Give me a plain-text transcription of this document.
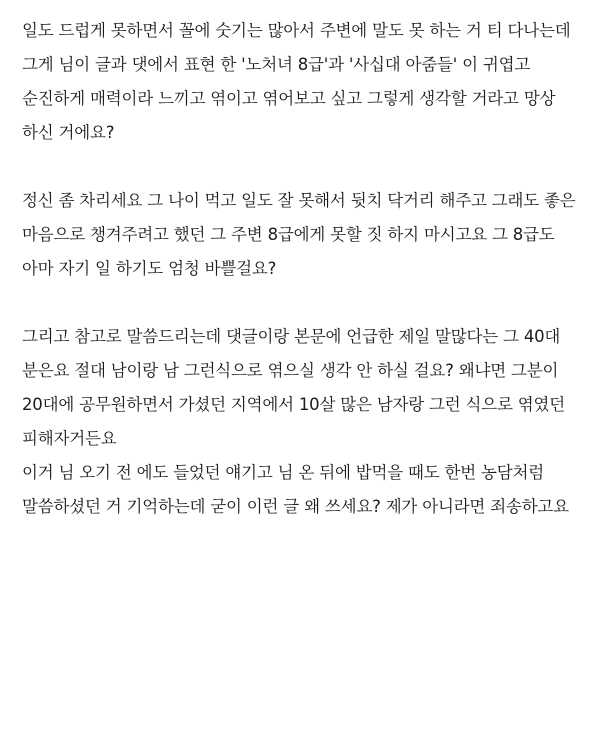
일도 드럽게 못하면서 꼴에 숫기는 많아서 주변에 말도 못 하는 거 티 다나는데 그게 님이 글과 댓에서 표현 한 '노처녀 8급'과 '사십대 아줌들' 이 귀엽고 순진하게 매력이라 느끼고 엮이고 엮어보고 싶고 그렇게 생각할 거라고 망상 하신 거에요?

정신 좀 차리세요 그 나이 먹고 일도 잘 못해서 뒷치 닥거리 해주고 그래도 좋은 마음으로 챙겨주려고 했던 그 주변 8급에게 못할 짓 하지 마시고요 그 8급도 아마 자기 일 하기도 엄청 바쁠걸요?

그리고 참고로 말씀드리는데 댓글이랑 본문에 언급한 제일 말많다는 그 40대 분은요 절대 남이랑 남 그런식으로 엮으실 생각 안 하실 걸요? 왜냐면 그분이 20대에 공무원하면서 가셨던 지역에서 10살 많은 남자랑 그런 식으로 엮였던 피해자거든요

이거 님 오기 전 에도 들었던 얘기고 님 온 뒤에 밥먹을 때도 한번 농담처럼 말씀하셨던 거 기억하는데 굳이 이런 글 왜 쓰세요? 제가 아니라면 죄송하고요
